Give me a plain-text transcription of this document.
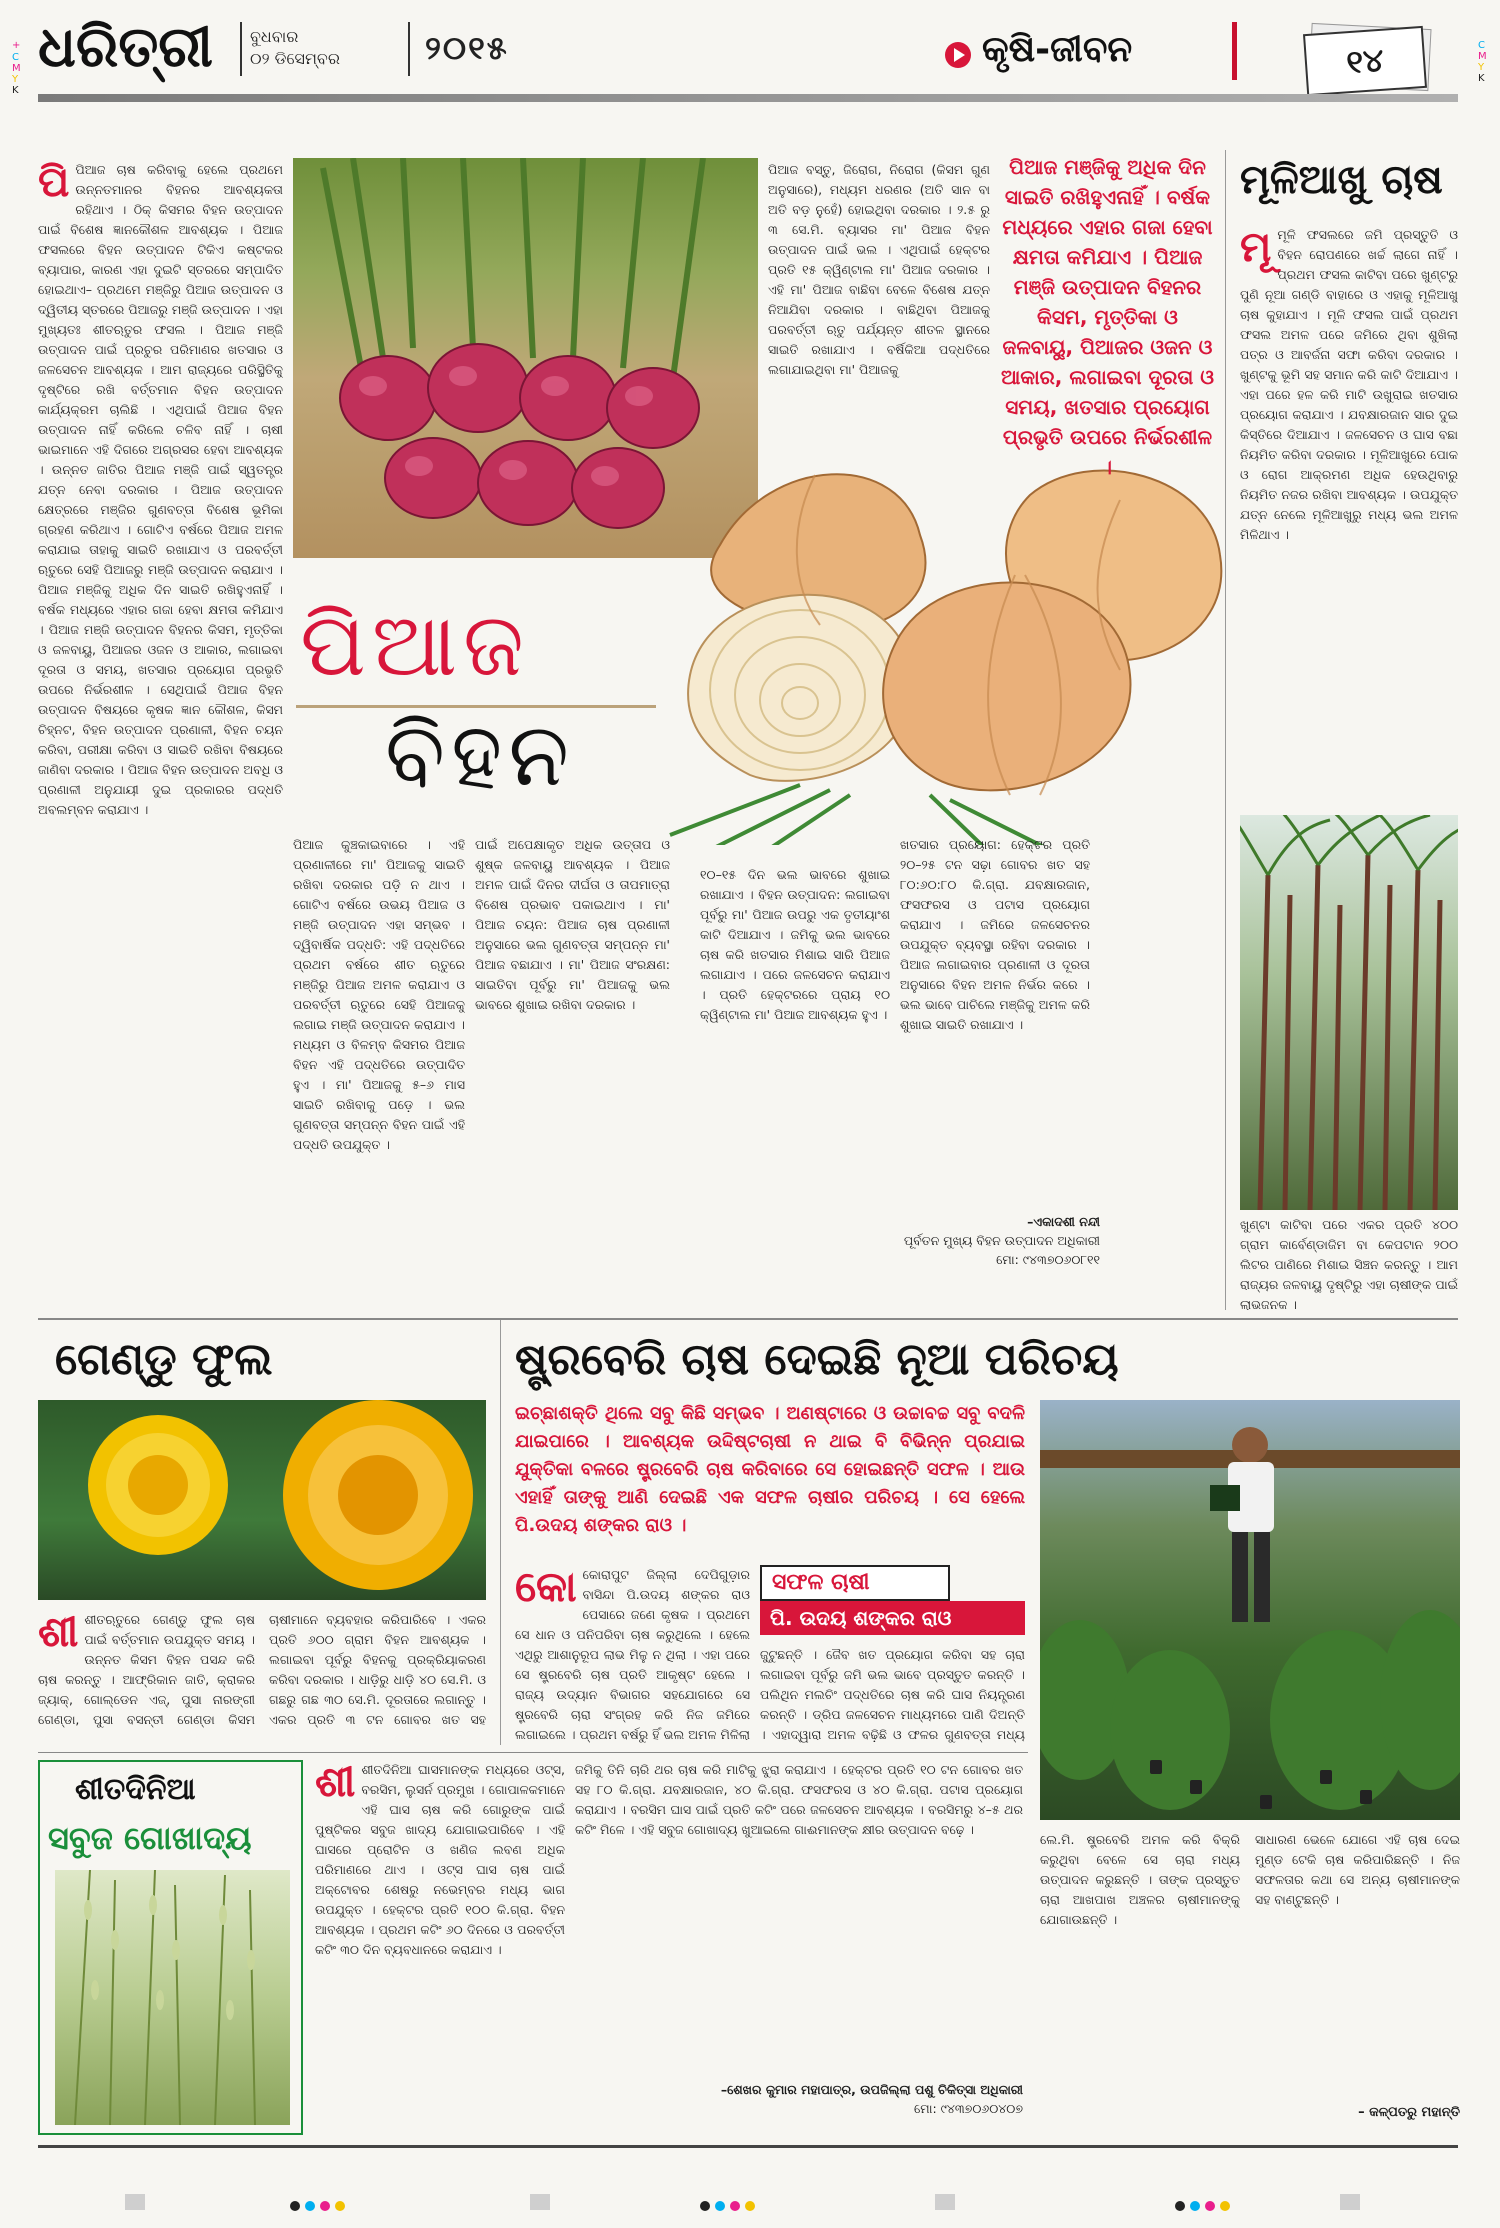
+
C
M
Y
K
C
M
Y
K
ଧରିତ୍ରୀ ବୁଧବାର
୦୨ ଡିସେମ୍ବର	୨୦୧୫	କୃଷି-ଜୀବନ	୧୪
ପିପିଆଜ ଚାଷ କରିବାକୁ ହେଲେ ପ୍ରଥମେ ଉନ୍ନତମାନର ବିହନର ଆବଶ୍ୟକତା ରହିଥାଏ । ଠିକ୍ କିସମର ବିହନ ଉତ୍ପାଦନ ପାଇଁ ବିଶେଷ ଜ୍ଞାନକୌଶଳ ଆବଶ୍ୟକ । ପିଆଜ ଫସଲରେ ବିହନ ଉତ୍ପାଦନ ଟିକିଏ କଷ୍ଟକର ବ୍ୟାପାର, କାରଣ ଏହା ଦୁଇଟି ସ୍ତରରେ ସମ୍ପାଦିତ ହୋଇଥାଏ– ପ୍ରଥମେ ମଞ୍ଜିରୁ ପିଆଜ ଉତ୍ପାଦନ ଓ ଦ୍ୱିତୀୟ ସ୍ତରରେ ପିଆଜରୁ ମଞ୍ଜି ଉତ୍ପାଦନ । ଏହା ମୁଖ୍ୟତଃ ଶୀତଋତୁର ଫସଲ । ପିଆଜ ମଞ୍ଜି ଉତ୍ପାଦନ ପାଇଁ ପ୍ରଚୁର ପରିମାଣର ଖତସାର ଓ ଜଳସେଚନ ଆବଶ୍ୟକ । ଆମ ରାଜ୍ୟରେ ପରିସ୍ଥିତିକୁ ଦୃଷ୍ଟିରେ ରଖି ବର୍ତ୍ତମାନ ବିହନ ଉତ୍ପାଦନ କାର୍ଯ୍ୟକ୍ରମ ଚାଲିଛି । ଏଥିପାଇଁ ପିଆଜ ବିହନ ଉତ୍ପାଦନ ନାହିଁ କରିଲେ ଚଳିବ ନାହିଁ । ଚାଷୀ ଭାଇମାନେ ଏହି ଦିଗରେ ଅଗ୍ରସର ହେବା ଆବଶ୍ୟକ । ଉନ୍ନତ ଜାତିର ପିଆଜ ମଞ୍ଜି ପାଇଁ ସ୍ୱତନ୍ତ୍ର ଯତ୍ନ ନେବା ଦରକାର । ପିଆଜ ଉତ୍ପାଦନ କ୍ଷେତ୍ରରେ ମଞ୍ଜିର ଗୁଣବତ୍ତା ବିଶେଷ ଭୂମିକା ଗ୍ରହଣ କରିଥାଏ । ଗୋଟିଏ ବର୍ଷରେ ପିଆଜ ଅମଳ କରାଯାଇ ତାହାକୁ ସାଇତି ରଖାଯାଏ ଓ ପରବର୍ତ୍ତୀ ଋତୁରେ ସେହି ପିଆଜରୁ ମଞ୍ଜି ଉତ୍ପାଦନ କରାଯାଏ । ପିଆଜ ମଞ୍ଜିକୁ ଅଧିକ ଦିନ ସାଇତି ରଖିହୁଏନାହିଁ । ବର୍ଷକ ମଧ୍ୟରେ ଏହାର ଗଜା ହେବା କ୍ଷମତା କମିଯାଏ । ପିଆଜ ମଞ୍ଜି ଉତ୍ପାଦନ ବିହନର କିସମ, ମୃତ୍ତିକା ଓ ଜଳବାୟୁ, ପିଆଜର ଓଜନ ଓ ଆକାର, ଲଗାଇବା ଦୂରତା ଓ ସମୟ, ଖତସାର ପ୍ରୟୋଗ ପ୍ରଭୃତି ଉପରେ ନିର୍ଭରଶୀଳ । ସେଥିପାଇଁ ପିଆଜ ବିହନ ଉତ୍ପାଦନ ବିଷୟରେ କୃଷକ ଜ୍ଞାନ କୌଶଳ, କିସମ ଚିହ୍ନଟ, ବିହନ ଉତ୍ପାଦନ ପ୍ରଣାଳୀ, ବିହନ ଚୟନ କରିବା, ପରୀକ୍ଷା କରିବା ଓ ସାଇତି ରଖିବା ବିଷୟରେ ଜାଣିବା ଦରକାର । ପିଆଜ ବିହନ ଉତ୍ପାଦନ ଅବଧି ଓ ପ୍ରଣାଳୀ ଅନୁଯାୟୀ ଦୁଇ ପ୍ରକାରର ପଦ୍ଧତି ଅବଲମ୍ବନ କରାଯାଏ ।
ପିଆଜ
ବିହନ
ପିଆଜ କୁଞ୍ଚକାଇବାରେ । ଏହି ପ୍ରଣାଳୀରେ ମା' ପିଆଜକୁ ସାଇତି ରଖିବା ଦରକାର ପଡ଼ି ନ ଥାଏ । ଗୋଟିଏ ବର୍ଷରେ ଉଭୟ ପିଆଜ ଓ ମଞ୍ଜି ଉତ୍ପାଦନ ଏହା ସମ୍ଭବ । ଦ୍ୱିବାର୍ଷିକ ପଦ୍ଧତି: ଏହି ପଦ୍ଧତିରେ ପ୍ରଥମ ବର୍ଷରେ ଶୀତ ଋତୁରେ ମଞ୍ଜିରୁ ପିଆଜ ଅମଳ କରାଯାଏ ଓ ପରବର୍ତ୍ତୀ ଋତୁରେ ସେହି ପିଆଜକୁ ଲଗାଇ ମଞ୍ଜି ଉତ୍ପାଦନ କରାଯାଏ । ମଧ୍ୟମ ଓ ବିଳମ୍ବ କିସମର ପିଆଜ ବିହନ ଏହି ପଦ୍ଧତିରେ ଉତ୍ପାଦିତ ହୁଏ । ମା' ପିଆଜକୁ ୫–୬ ମାସ ସାଇତି ରଖିବାକୁ ପଡ଼େ । ଭଲ ଗୁଣବତ୍ତା ସମ୍ପନ୍ନ ବିହନ ପାଇଁ ଏହି ପଦ୍ଧତି ଉପଯୁକ୍ତ ।
ପାଇଁ ଅପେକ୍ଷାକୃତ ଅଧିକ ଉତ୍ତାପ ଓ ଶୁଷ୍କ ଜଳବାୟୁ ଆବଶ୍ୟକ । ପିଆଜ ଅମଳ ପାଇଁ ଦିନର ଦୀର୍ଘତା ଓ ତାପମାତ୍ରା ବିଶେଷ ପ୍ରଭାବ ପକାଇଥାଏ । ମା' ପିଆଜ ଚୟନ: ପିଆଜ ଚାଷ ପ୍ରଣାଳୀ ଅନୁସାରେ ଭଲ ଗୁଣବତ୍ତା ସମ୍ପନ୍ନ ମା' ପିଆଜ ବଛାଯାଏ । ମା' ପିଆଜ ସଂରକ୍ଷଣ: ସାଇତିବା ପୂର୍ବରୁ ମା' ପିଆଜକୁ ଭଲ ଭାବରେ ଶୁଖାଇ ରଖିବା ଦରକାର ।
୧୦–୧୫ ଦିନ ଭଲ ଭାବରେ ଶୁଖାଇ ରଖାଯାଏ । ବିହନ ଉତ୍ପାଦନ: ଲଗାଇବା ପୂର୍ବରୁ ମା' ପିଆଜ ଉପରୁ ଏକ ତୃତୀୟାଂଶ କାଟି ଦିଆଯାଏ । ଜମିକୁ ଭଲ ଭାବରେ ଚାଷ କରି ଖତସାର ମିଶାଇ ସାରି ପିଆଜ ଲଗାଯାଏ । ପରେ ଜଳସେଚନ କରାଯାଏ । ପ୍ରତି ହେକ୍ଟରରେ ପ୍ରାୟ ୧୦ କ୍ୱିଣ୍ଟାଲ ମା' ପିଆଜ ଆବଶ୍ୟକ ହୁଏ ।
ଖତସାର ପ୍ରୟୋଗ: ହେକ୍ଟର ପ୍ରତି ୨୦–୨୫ ଟନ ସଢ଼ା ଗୋବର ଖତ ସହ ୮୦:୬୦:୮୦ କି.ଗ୍ରା. ଯବକ୍ଷାରଜାନ, ଫସଫରସ ଓ ପଟାସ ପ୍ରୟୋଗ କରାଯାଏ । ଜମିରେ ଜଳସେଚନର ଉପଯୁକ୍ତ ବ୍ୟବସ୍ଥା ରହିବା ଦରକାର । ପିଆଜ ଲଗାଇବାର ପ୍ରଣାଳୀ ଓ ଦୂରତା ଅନୁସାରେ ବିହନ ଅମଳ ନିର୍ଭର କରେ । ଭଲ ଭାବେ ପାଚିଲେ ମଞ୍ଜିକୁ ଅମଳ କରି ଶୁଖାଇ ସାଇତି ରଖାଯାଏ ।
–ଏକାଦଶୀ ନନ୍ଦୀ
ପୂର୍ବତନ ମୁଖ୍ୟ ବିହନ ଉତ୍ପାଦନ ଅଧିକାରୀ
ମୋ: ୯୪୩୭୦୬୦୮୧୧
ପିଆଜ ବସ୍ତୁ, ଜିରୋଗ, ନିରୋଗ (କିସମ ଗୁଣ ଅନୁସାରେ), ମଧ୍ୟମ ଧରଣର (ଅତି ସାନ ବା ଅତି ବଡ଼ ନୁହେଁ) ହୋଇଥିବା ଦରକାର । ୨.୫ ରୁ ୩ ସେ.ମି. ବ୍ୟାସର ମା' ପିଆଜ ବିହନ ଉତ୍ପାଦନ ପାଇଁ ଭଲ । ଏଥିପାଇଁ ହେକ୍ଟର ପ୍ରତି ୧୫ କ୍ୱିଣ୍ଟାଲ ମା' ପିଆଜ ଦରକାର । ଏହି ମା' ପିଆଜ ବାଛିବା ବେଳେ ବିଶେଷ ଯତ୍ନ ନିଆଯିବା ଦରକାର । ବାଛିଥିବା ପିଆଜକୁ ପରବର୍ତ୍ତୀ ଋତୁ ପର୍ଯ୍ୟନ୍ତ ଶୀତଳ ସ୍ଥାନରେ ସାଇତି ରଖାଯାଏ । ବର୍ଷିକିଆ ପଦ୍ଧତିରେ ଲଗାଯାଇଥିବା ମା' ପିଆଜକୁ
ପିଆଜ ମଞ୍ଜିକୁ ଅଧିକ ଦିନ ସାଇତି ରଖିହୁଏନାହିଁ । ବର୍ଷକ ମଧ୍ୟରେ ଏହାର ଗଜା ହେବା କ୍ଷମତା କମିଯାଏ । ପିଆଜ ମଞ୍ଜି ଉତ୍ପାଦନ ବିହନର କିସମ, ମୃତ୍ତିକା ଓ ଜଳବାୟୁ, ପିଆଜର ଓଜନ ଓ ଆକାର, ଲଗାଇବା ଦୂରତା ଓ ସମୟ, ଖତସାର ପ୍ରୟୋଗ ପ୍ରଭୃତି ଉପରେ ନିର୍ଭରଶୀଳ ।
ମୂଳିଆଖୁ ଚାଷ
ମୂମୂଳି ଫସଲରେ ଜମି ପ୍ରସ୍ତୁତି ଓ ବିହନ ରୋପଣରେ ଖର୍ଚ୍ଚ ଲାଗେ ନାହିଁ । ପ୍ରଥମ ଫସଲ କାଟିବା ପରେ ଖୁଣ୍ଟରୁ ପୁଣି ନୂଆ ଗଣ୍ଡି ବାହାରେ ଓ ଏହାକୁ ମୂଳିଆଖୁ ଚାଷ କୁହାଯାଏ । ମୂଳି ଫସଲ ପାଇଁ ପ୍ରଥମ ଫସଲ ଅମଳ ପରେ ଜମିରେ ଥିବା ଶୁଖିଲା ପତ୍ର ଓ ଆବର୍ଜନା ସଫା କରିବା ଦରକାର । ଖୁଣ୍ଟକୁ ଭୂମି ସହ ସମାନ କରି କାଟି ଦିଆଯାଏ । ଏହା ପରେ ହଳ କରି ମାଟି ଉଖୁରାଇ ଖତସାର ପ୍ରୟୋଗ କରାଯାଏ । ଯବକ୍ଷାରଜାନ ସାର ଦୁଇ କିସ୍ତିରେ ଦିଆଯାଏ । ଜଳସେଚନ ଓ ଘାସ ବଛା ନିୟମିତ କରିବା ଦରକାର । ମୂଳିଆଖୁରେ ପୋକ ଓ ରୋଗ ଆକ୍ରମଣ ଅଧିକ ହେଉଥିବାରୁ ନିୟମିତ ନଜର ରଖିବା ଆବଶ୍ୟକ । ଉପଯୁକ୍ତ ଯତ୍ନ ନେଲେ ମୂଳିଆଖୁରୁ ମଧ୍ୟ ଭଲ ଅମଳ ମିଳିଥାଏ ।
ଖୁଣ୍ଟା କାଟିବା ପରେ ଏକର ପ୍ରତି ୪୦୦ ଗ୍ରାମ କାର୍ବେଣ୍ଡାଜିମ ବା କେପଟାନ ୨୦୦ ଲିଟର ପାଣିରେ ମିଶାଇ ସିଞ୍ଚନ କରନ୍ତୁ । ଆମ ରାଜ୍ୟର ଜଳବାୟୁ ଦୃଷ୍ଟିରୁ ଏହା ଚାଷୀଙ୍କ ପାଇଁ ଲାଭଜନକ ।
ଗେଣ୍ଡୁ ଫୁଲ
ଶୀଶୀତଋତୁରେ ଗେଣ୍ଡୁ ଫୁଲ ଚାଷ ପାଇଁ ବର୍ତ୍ତମାନ ଉପଯୁକ୍ତ ସମୟ । ଉନ୍ନତ କିସମ ବିହନ ପସନ୍ଦ କରି ଚାଷ କରନ୍ତୁ । ଆଫ୍ରିକାନ ଜାତି, କ୍ରାକର ଜ୍ୟାକ୍, ଗୋଲ୍ଡେନ ଏଜ୍, ପୁସା ନାରଙ୍ଗୀ ଗେଣ୍ଡା, ପୁସା ବସନ୍ତୀ ଗେଣ୍ଡା କିସମ ଚାଷୀମାନେ ବ୍ୟବହାର କରିପାରିବେ । ଏକର ପ୍ରତି ୬୦୦ ଗ୍ରାମ ବିହନ ଆବଶ୍ୟକ । ଲଗାଇବା ପୂର୍ବରୁ ବିହନକୁ ପ୍ରକ୍ରିୟାକରଣ କରିବା ଦରକାର । ଧାଡ଼ିରୁ ଧାଡ଼ି ୪୦ ସେ.ମି. ଓ ଗଛରୁ ଗଛ ୩୦ ସେ.ମି. ଦୂରତାରେ ଲଗାନ୍ତୁ । ଏକର ପ୍ରତି ୩ ଟନ ଗୋବର ଖତ ସହ
ଷ୍ଟ୍ରବେରି ଚାଷ ଦେଇଛି ନୂଆ ପରିଚୟ
ଇଚ୍ଛାଶକ୍ତି ଥିଲେ ସବୁ କିଛି ସମ୍ଭବ । ଅଣଷ୍ଟାରେ ଓ ଉଚ୍ଚାବଚ୍ଚ ସବୁ ବଦଳି ଯାଇପାରେ । ଆବଶ୍ୟକ ଉଦ୍ଦିଷ୍ଟଚାଷୀ ନ ଥାଇ ବି ବିଭିନ୍ନ ପ୍ରଯାଇ ଯୁକ୍ତିକା ବଳରେ ଷ୍ଟ୍ରବେରି ଚାଷ କରିବାରେ ସେ ହୋଇଛନ୍ତି ସଫଳ । ଆଉ ଏହାହିଁ ତାଙ୍କୁ ଆଣି ଦେଇଛି ଏକ ସଫଳ ଚାଷୀର ପରିଚୟ । ସେ ହେଲେ ପି.ଉଦୟ ଶଙ୍କର ରାଓ ।
ସଫଳ ଚାଷୀ
ପି. ଉଦୟ ଶଙ୍କର ରାଓ
କୋକୋରାପୁଟ ଜିଲ୍ଲା ଦେପିଗୁଡ଼ାର ବାସିନ୍ଦା ପି.ଉଦୟ ଶଙ୍କର ରାଓ ପେସାରେ ଜଣେ କୃଷକ । ପ୍ରଥମେ ସେ ଧାନ ଓ ପନିପରିବା ଚାଷ କରୁଥିଲେ । ହେଲେ ଏଥିରୁ ଆଶାନୁରୂପ ଲାଭ ମିଳୁ ନ ଥିଲା । ଏହା ପରେ ସେ ଷ୍ଟ୍ରବେରି ଚାଷ ପ୍ରତି ଆକୃଷ୍ଟ ହେଲେ । ରାଜ୍ୟ ଉଦ୍ୟାନ ବିଭାଗର ସହଯୋଗରେ ସେ ଷ୍ଟ୍ରବେରି ଚାରା ସଂଗ୍ରହ କରି ନିଜ ଜମିରେ ଲଗାଇଲେ । ପ୍ରଥମ ବର୍ଷରୁ ହିଁ ଭଲ ଅମଳ ମିଳିଲା
ଜୁଟୁଛନ୍ତି । ଜୈବ ଖତ ପ୍ରୟୋଗ କରିବା ସହ ଚାରା ଲଗାଇବା ପୂର୍ବରୁ ଜମି ଭଲ ଭାବେ ପ୍ରସ୍ତୁତ କରନ୍ତି । ପଲିଥିନ ମଲଚିଂ ପଦ୍ଧତିରେ ଚାଷ କରି ଘାସ ନିୟନ୍ତ୍ରଣ କରନ୍ତି । ଡ୍ରିପ ଜଳସେଚନ ମାଧ୍ୟମରେ ପାଣି ଦିଅନ୍ତି । ଏହାଦ୍ୱାରା ଅମଳ ବଢ଼ିଛି ଓ ଫଳର ଗୁଣବତ୍ତା ମଧ୍ୟ
ଶୀତଦିନିଆ
ସବୁଜ ଗୋଖାଦ୍ୟ
ଶୀଶୀତଦିନିଆ ଘାସମାନଙ୍କ ମଧ୍ୟରେ ଓଟ୍ସ, ବରସିମ, ଲୁସର୍ନ ପ୍ରମୁଖ । ଗୋପାଳକମାନେ ଏହି ଘାସ ଚାଷ କରି ଗୋରୁଙ୍କ ପାଇଁ ପୁଷ୍ଟିକର ସବୁଜ ଖାଦ୍ୟ ଯୋଗାଇପାରିବେ । ଏହି ଘାସରେ ପ୍ରୋଟିନ ଓ ଖଣିଜ ଲବଣ ଅଧିକ ପରିମାଣରେ ଥାଏ । ଓଟ୍ସ ଘାସ ଚାଷ ପାଇଁ ଅକ୍ଟୋବର ଶେଷରୁ ନଭେମ୍ବର ମଧ୍ୟ ଭାଗ ଉପଯୁକ୍ତ । ହେକ୍ଟର ପ୍ରତି ୧୦୦ କି.ଗ୍ରା. ବିହନ ଆବଶ୍ୟକ । ପ୍ରଥମ କଟିଂ ୬୦ ଦିନରେ ଓ ପରବର୍ତ୍ତୀ କଟିଂ ୩୦ ଦିନ ବ୍ୟବଧାନରେ କରାଯାଏ ।
ଜମିକୁ ତିନି ଚାରି ଥର ଚାଷ କରି ମାଟିକୁ ଝୁରା କରାଯାଏ । ହେକ୍ଟର ପ୍ରତି ୧୦ ଟନ ଗୋବର ଖତ ସହ ୮୦ କି.ଗ୍ରା. ଯବକ୍ଷାରଜାନ, ୪୦ କି.ଗ୍ରା. ଫସଫରସ ଓ ୪୦ କି.ଗ୍ରା. ପଟାସ ପ୍ରୟୋଗ କରାଯାଏ । ବରସିମ ଘାସ ପାଇଁ ପ୍ରତି କଟିଂ ପରେ ଜଳସେଚନ ଆବଶ୍ୟକ । ବରସିମରୁ ୪–୫ ଥର କଟିଂ ମିଳେ । ଏହି ସବୁଜ ଗୋଖାଦ୍ୟ ଖୁଆଇଲେ ଗାଈମାନଙ୍କ କ୍ଷୀର ଉତ୍ପାଦନ ବଢ଼େ ।
–ଶେଖର କୁମାର ମହାପାତ୍ର, ଉପଜିଲ୍ଲା ପଶୁ ଚିକିତ୍ସା ଅଧିକାରୀ
ମୋ: ୯୪୩୭୦୬୦୪୦୭
ଲେ.ମି. ଷ୍ଟ୍ରବେରି ଅମଳ କରି ବିକ୍ରି କରୁଥିବା ବେଳେ ସେ ଚାରା ମଧ୍ୟ ଉତ୍ପାଦନ କରୁଛନ୍ତି । ତାଙ୍କ ପ୍ରସ୍ତୁତ ଚାରା ଆଖପାଖ ଅଞ୍ଚଳର ଚାଷୀମାନଙ୍କୁ ଯୋଗାଉଛନ୍ତି ।
ସାଧାରଣ ଭେଳେ ଯୋଗେ ଏହି ଚାଷ ଦେଇ ମୁଣ୍ଡ ଟେକି ଚାଷ କରିପାରିଛନ୍ତି । ନିଜ ସଫଳତାର କଥା ସେ ଅନ୍ୟ ଚାଷୀମାନଙ୍କ ସହ ବାଣ୍ଟୁଛନ୍ତି ।
– କଳ୍ପତରୁ ମହାନ୍ତି
